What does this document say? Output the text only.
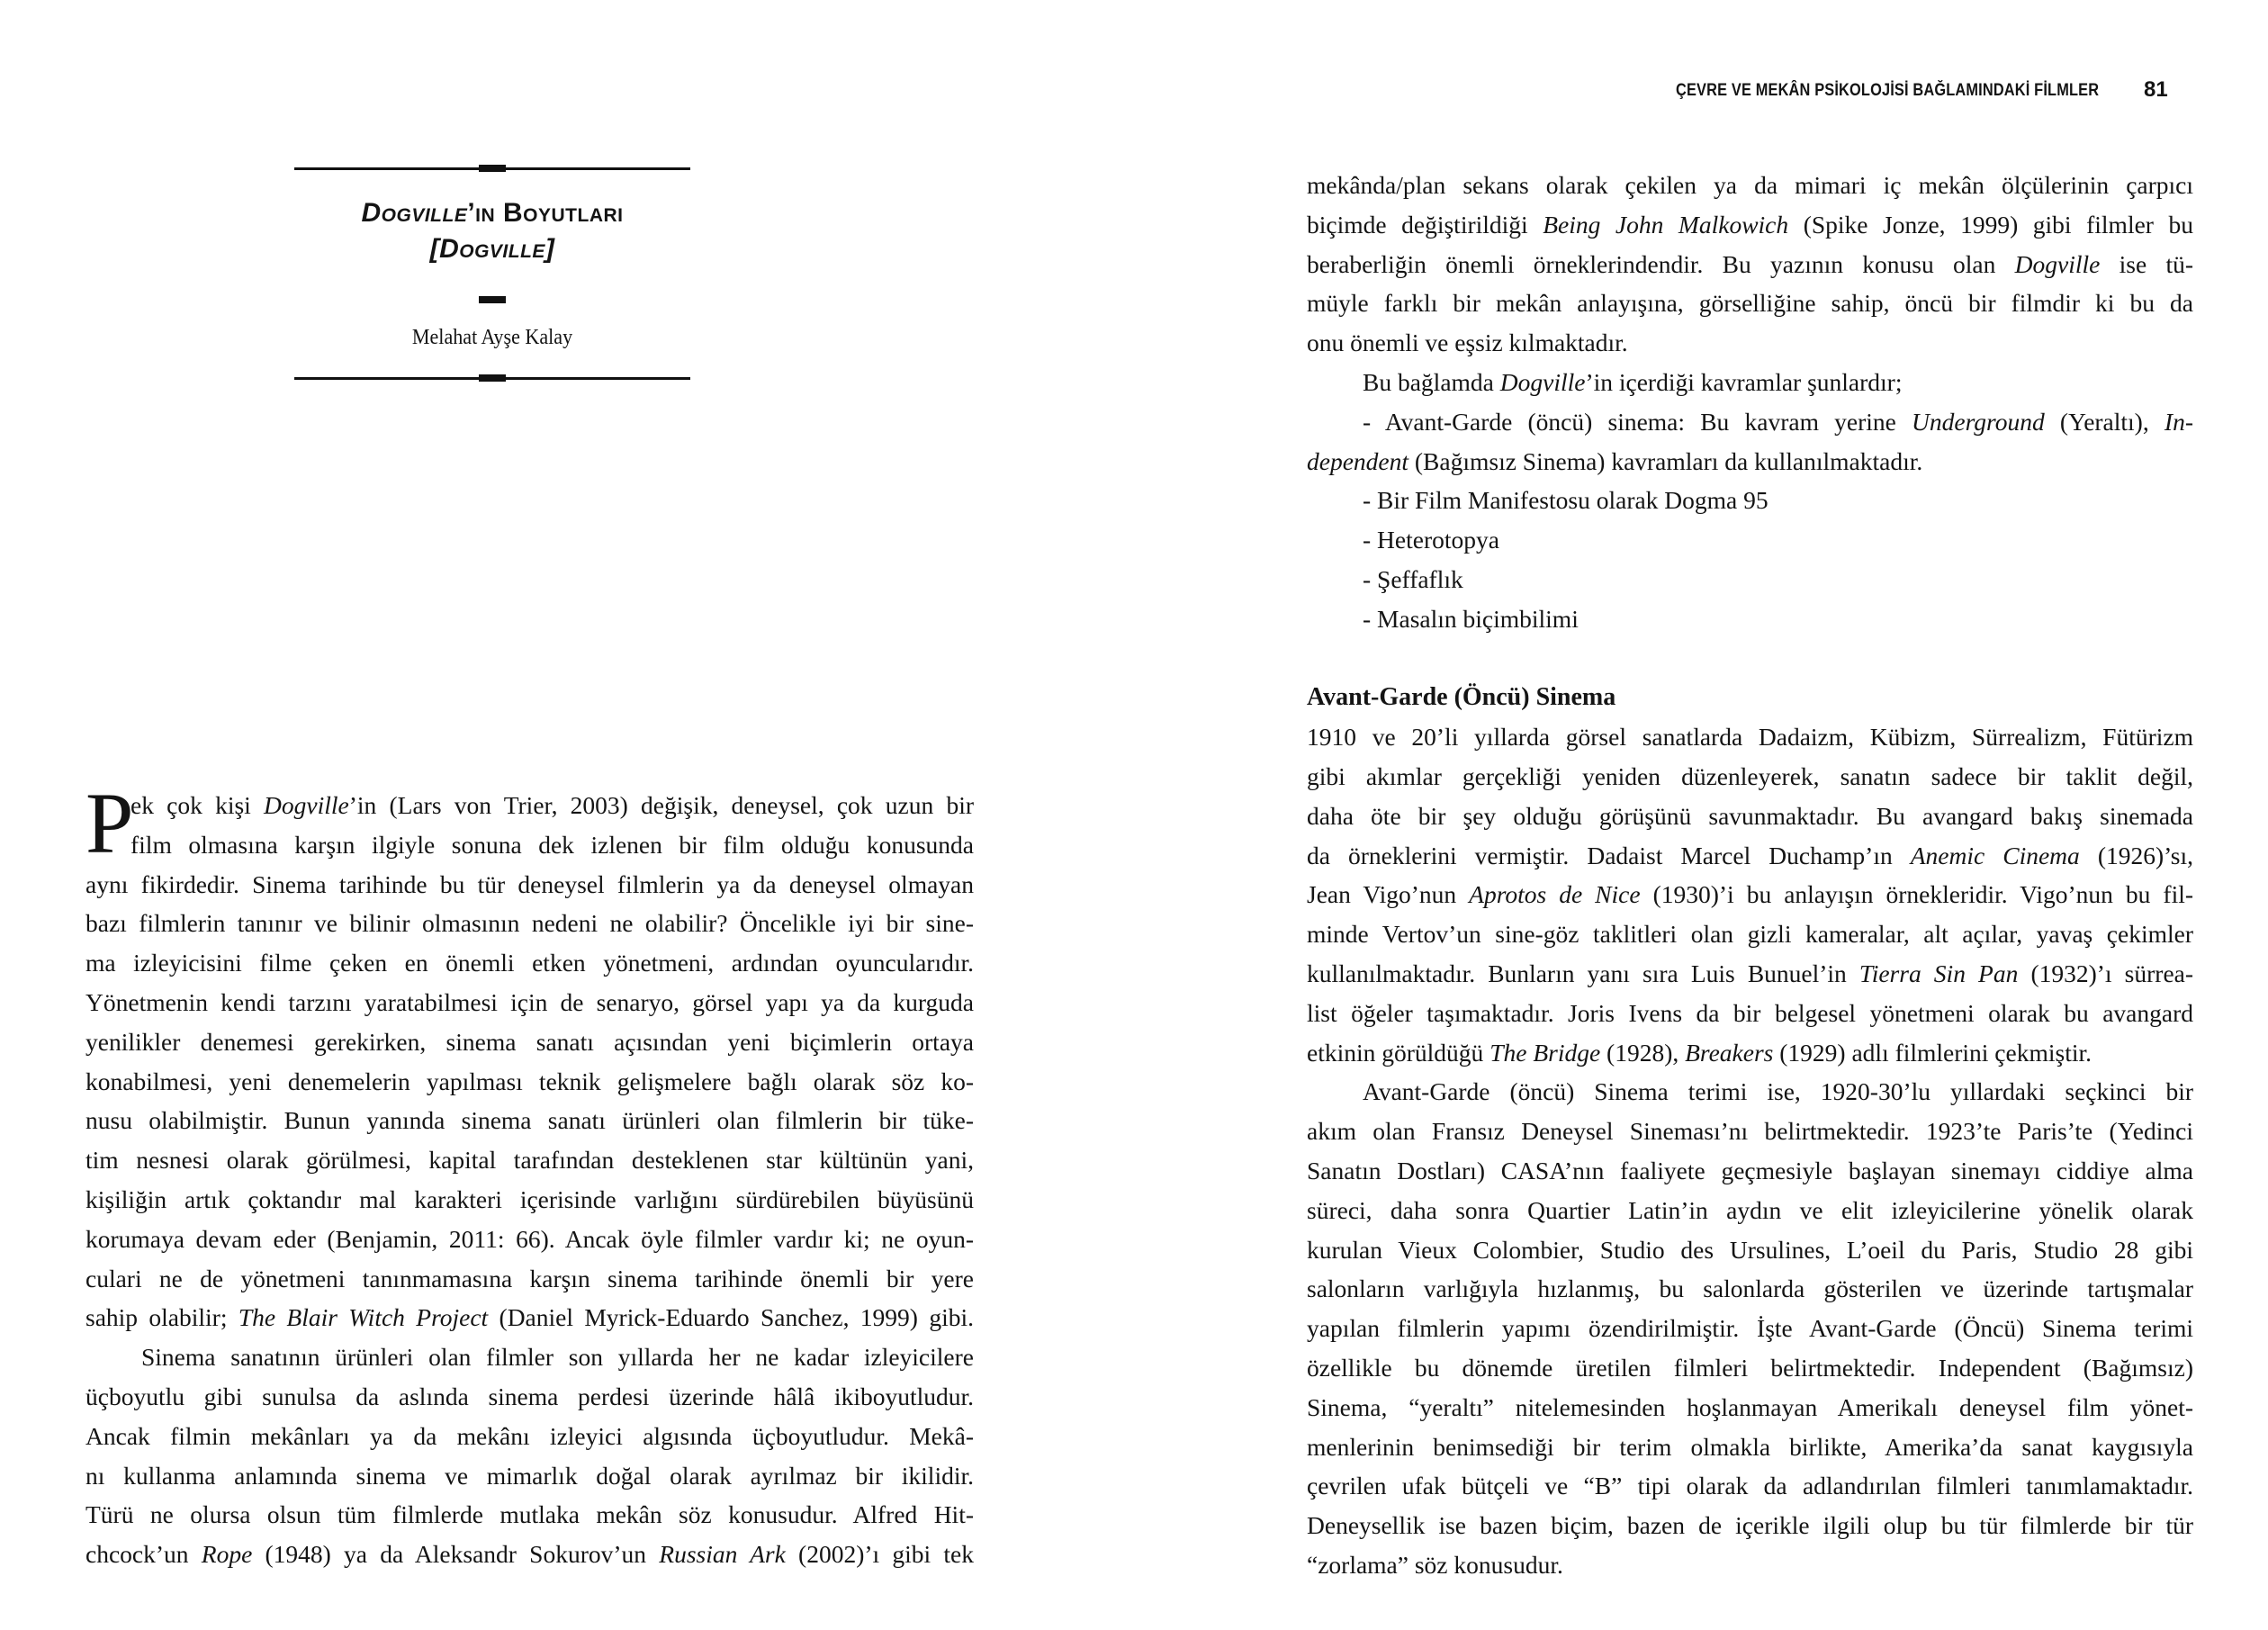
ÇEVRE VE MEKÂN PSİKOLOJİSİ BAĞLAMINDAKİ FİLMLER 81
Dogville’in Boyutları
[Dogville]
Melahat Ayşe Kalay
P
ek çok kişi Dogville’in (Lars von Trier, 2003) değişik, deneysel, çok uzun bir
film olmasına karşın ilgiyle sonuna dek izlenen bir film olduğu konusunda
aynı fikirdedir. Sinema tarihinde bu tür deneysel filmlerin ya da deneysel olmayan
bazı filmlerin tanınır ve bilinir olmasının nedeni ne olabilir? Öncelikle iyi bir sine-
ma izleyicisini filme çeken en önemli etken yönetmeni, ardından oyuncularıdır.
Yönetmenin kendi tarzını yaratabilmesi için de senaryo, görsel yapı ya da kurguda
yenilikler denemesi gerekirken, sinema sanatı açısından yeni biçimlerin ortaya
konabilmesi, yeni denemelerin yapılması teknik gelişmelere bağlı olarak söz ko-
nusu olabilmiştir. Bunun yanında sinema sanatı ürünleri olan filmlerin bir tüke-
tim nesnesi olarak görülmesi, kapital tarafından desteklenen star kültünün yani,
kişiliğin artık çoktandır mal karakteri içerisinde varlığını sürdürebilen büyüsünü
korumaya devam eder (Benjamin, 2011: 66). Ancak öyle filmler vardır ki; ne oyun-
culari ne de yönetmeni tanınmamasına karşın sinema tarihinde önemli bir yere
sahip olabilir; The Blair Witch Project (Daniel Myrick-Eduardo Sanchez, 1999) gibi.
Sinema sanatının ürünleri olan filmler son yıllarda her ne kadar izleyicilere
üçboyutlu gibi sunulsa da aslında sinema perdesi üzerinde hâlâ ikiboyutludur.
Ancak filmin mekânları ya da mekânı izleyici algısında üçboyutludur. Mekâ-
nı kullanma anlamında sinema ve mimarlık doğal olarak ayrılmaz bir ikilidir.
Türü ne olursa olsun tüm filmlerde mutlaka mekân söz konusudur. Alfred Hit-
chcock’un Rope (1948) ya da Aleksandr Sokurov’un Russian Ark (2002)’ı gibi tek
mekânda/plan sekans olarak çekilen ya da mimari iç mekân ölçülerinin çarpıcı
biçimde değiştirildiği Being John Malkowich (Spike Jonze, 1999) gibi filmler bu
beraberliğin önemli örneklerindendir. Bu yazının konusu olan Dogville ise tü-
müyle farklı bir mekân anlayışına, görselliğine sahip, öncü bir filmdir ki bu da
onu önemli ve eşsiz kılmaktadır.
Bu bağlamda Dogville’in içerdiği kavramlar şunlardır;
- Avant-Garde (öncü) sinema: Bu kavram yerine Underground (Yeraltı), In-
dependent (Bağımsız Sinema) kavramları da kullanılmaktadır.
- Bir Film Manifestosu olarak Dogma 95
- Heterotopya
- Şeffaflık
- Masalın biçimbilimi
Avant-Garde (Öncü) Sinema
1910 ve 20’li yıllarda görsel sanatlarda Dadaizm, Kübizm, Sürrealizm, Fütürizm
gibi akımlar gerçekliği yeniden düzenleyerek, sanatın sadece bir taklit değil,
daha öte bir şey olduğu görüşünü savunmaktadır. Bu avangard bakış sinemada
da örneklerini vermiştir. Dadaist Marcel Duchamp’ın Anemic Cinema (1926)’sı,
Jean Vigo’nun Aprotos de Nice (1930)’i bu anlayışın örnekleridir. Vigo’nun bu fil-
minde Vertov’un sine-göz taklitleri olan gizli kameralar, alt açılar, yavaş çekimler
kullanılmaktadır. Bunların yanı sıra Luis Bunuel’in Tierra Sin Pan (1932)’ı sürrea-
list öğeler taşımaktadır. Joris Ivens da bir belgesel yönetmeni olarak bu avangard
etkinin görüldüğü The Bridge (1928), Breakers (1929) adlı filmlerini çekmiştir.
Avant-Garde (öncü) Sinema terimi ise, 1920-30’lu yıllardaki seçkinci bir
akım olan Fransız Deneysel Sineması’nı belirtmektedir. 1923’te Paris’te (Yedinci
Sanatın Dostları) CASA’nın faaliyete geçmesiyle başlayan sinemayı ciddiye alma
süreci, daha sonra Quartier Latin’in aydın ve elit izleyicilerine yönelik olarak
kurulan Vieux Colombier, Studio des Ursulines, L’oeil du Paris, Studio 28 gibi
salonların varlığıyla hızlanmış, bu salonlarda gösterilen ve üzerinde tartışmalar
yapılan filmlerin yapımı özendirilmiştir. İşte Avant-Garde (Öncü) Sinema terimi
özellikle bu dönemde üretilen filmleri belirtmektedir. Independent (Bağımsız)
Sinema, “yeraltı” nitelemesinden hoşlanmayan Amerikalı deneysel film yönet-
menlerinin benimsediği bir terim olmakla birlikte, Amerika’da sanat kaygısıyla
çevrilen ufak bütçeli ve “B” tipi olarak da adlandırılan filmleri tanımlamaktadır.
Deneysellik ise bazen biçim, bazen de içerikle ilgili olup bu tür filmlerde bir tür
“zorlama” söz konusudur.
